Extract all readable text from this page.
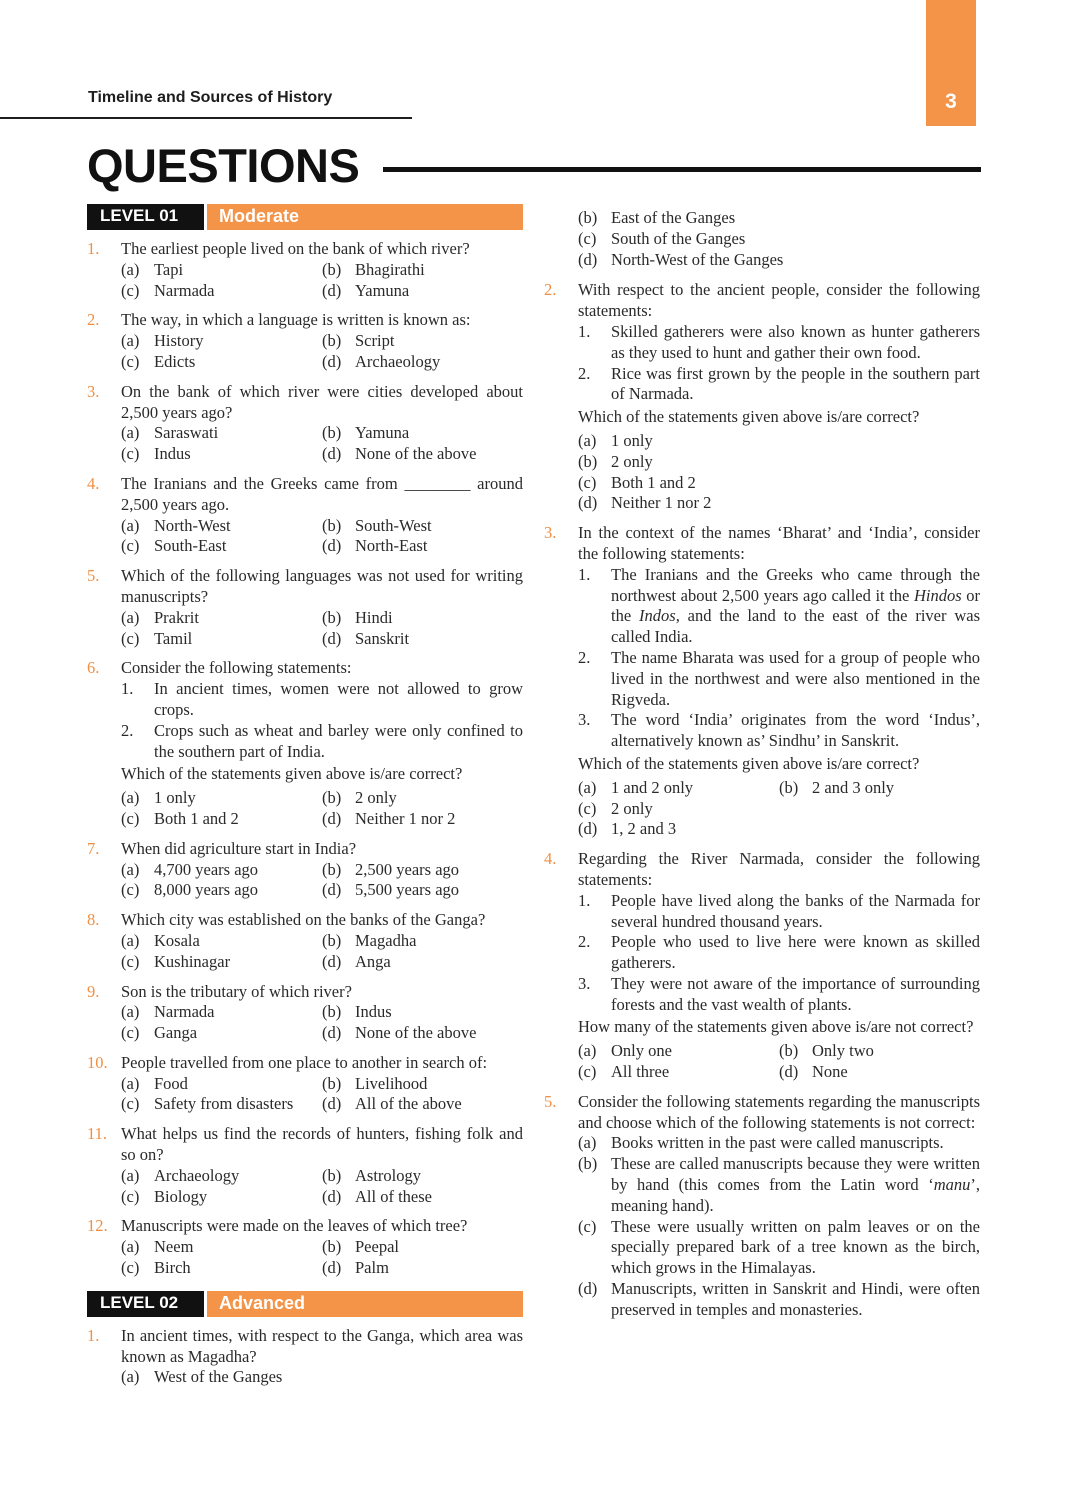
3
Timeline and Sources of History
QUESTIONS
LEVEL 01	Moderate
1. The earliest people lived on the bank of which river?
(a) Tapi	(b) Bhagirathi
(c) Narmada	(d) Yamuna
2. The way, in which a language is written is known as:
(a) History	(b) Script
(c) Edicts	(d) Archaeology
3. On the bank of which river were cities developed about 2,500 years ago?
(a) Saraswati	(b) Yamuna
(c) Indus	(d) None of the above
4. The Iranians and the Greeks came from ________ around 2,500 years ago.
(a) North-West	(b) South-West
(c) South-East	(d) North-East
5. Which of the following languages was not used for writing manuscripts?
(a) Prakrit	(b) Hindi
(c) Tamil	(d) Sanskrit
6. Consider the following statements:
1.	In ancient times, women were not allowed to grow crops.
2.	Crops such as wheat and barley were only confined to the southern part of India.
Which of the statements given above is/are correct?
(a) 1 only	(b) 2 only
(c) Both 1 and 2	(d) Neither 1 nor 2
7. When did agriculture start in India?
(a) 4,700 years ago	(b) 2,500 years ago
(c) 8,000 years ago	(d) 5,500 years ago
8. Which city was established on the banks of the Ganga?
(a) Kosala	(b) Magadha
(c) Kushinagar	(d) Anga
9. Son is the tributary of which river?
(a) Narmada	(b) Indus
(c) Ganga	(d) None of the above
10. People travelled from one place to another in search of:
(a) Food	(b) Livelihood
(c) Safety from disasters	(d) All of the above
11. What helps us find the records of hunters, fishing folk and so on?
(a) Archaeology	(b) Astrology
(c) Biology	(d) All of these
12. Manuscripts were made on the leaves of which tree?
(a) Neem	(b) Peepal
(c) Birch	(d) Palm
LEVEL 02	Advanced
1. In ancient times, with respect to the Ganga, which area was known as Magadha?
(a) West of the Ganges
(b) East of the Ganges
(c) South of the Ganges
(d) North-West of the Ganges
2. With respect to the ancient people, consider the following statements:
1.	Skilled gatherers were also known as hunter gatherers as they used to hunt and gather their own food.
2.	Rice was first grown by the people in the southern part of Narmada.
Which of the statements given above is/are correct?
(a) 1 only
(b) 2 only
(c) Both 1 and 2
(d) Neither 1 nor 2
3. In the context of the names ‘Bharat’ and ‘India’, consider the following statements:
1.	The Iranians and the Greeks who came through the northwest about 2,500 years ago called it the Hindos or the Indos, and the land to the east of the river was called India.
2.	The name Bharata was used for a group of people who lived in the northwest and were also mentioned in the Rigveda.
3.	The word ‘India’ originates from the word ‘Indus’, alternatively known as’ Sindhu’ in Sanskrit.
Which of the statements given above is/are correct?
(a) 1 and 2 only	(b) 2 and 3 only
(c) 2 only
(d) 1, 2 and 3
4. Regarding the River Narmada, consider the following statements:
1.	People have lived along the banks of the Narmada for several hundred thousand years.
2.	People who used to live here were known as skilled gatherers.
3.	They were not aware of the importance of surrounding forests and the vast wealth of plants.
How many of the statements given above is/are not correct?
(a) Only one	(b) Only two
(c) All three	(d) None
5. Consider the following statements regarding the manuscripts and choose which of the following statements is not correct:
(a) Books written in the past were called manuscripts.
(b) These are called manuscripts because they were written by hand (this comes from the Latin word ‘manu’, meaning hand).
(c) These were usually written on palm leaves or on the specially prepared bark of a tree known as the birch, which grows in the Himalayas.
(d) Manuscripts, written in Sanskrit and Hindi, were often preserved in temples and monasteries.
